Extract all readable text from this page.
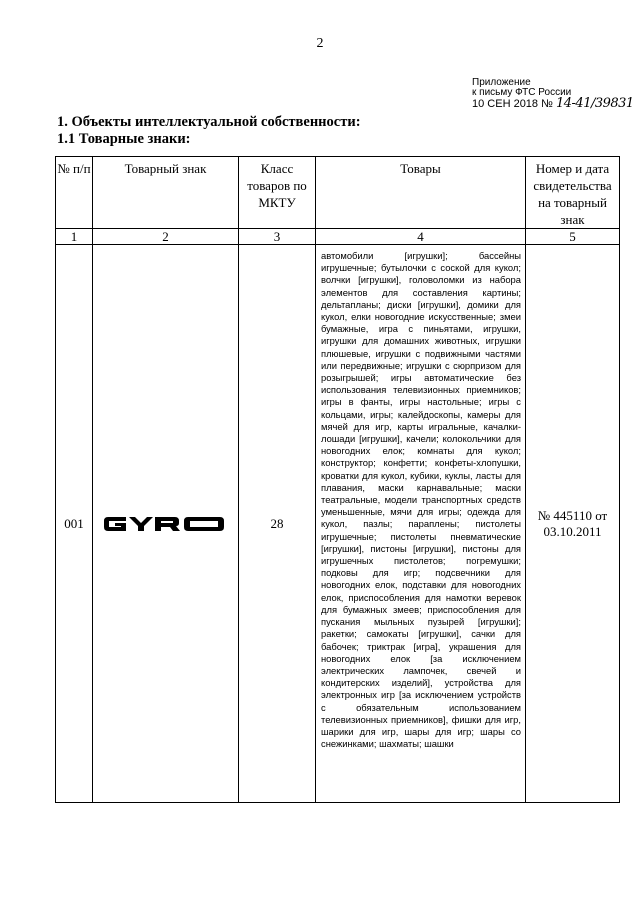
2
Приложение
к письму ФТС России
10 СЕН 2018 № 14-41/39831
1. Объекты интеллектуальной собственности:
1.1 Товарные знаки:
№ п/п	Товарный знак	Класс товаров по МКТУ	Товары	Номер и дата свидетельства на товарный знак
1	2	3	4	5
001		28	автомобили [игрушки]; бассейны игрушечные; бутылочки с соской для кукол; волчки [игрушки], головоломки из набора элементов для составления картины; дельтапланы; диски [игрушки], домики для кукол, елки новогодние искусственные; змеи бумажные, игра с пиньятами, игрушки, игрушки для домашних животных, игрушки плюшевые, игрушки с подвижными частями или передвижные; игрушки с сюрпризом для розыгрышей; игры автоматические без использования телевизионных приемников; игры в фанты, игры настольные; игры с кольцами, игры; калейдоскопы, камеры для мячей для игр, карты игральные, качалки-лошади [игрушки], качели; колокольчики для новогодних елок; комнаты для кукол; конструктор; конфетти; конфеты-хлопушки, кроватки для кукол, кубики, куклы, ласты для плавания, маски карнавальные; маски театральные, модели транспортных средств уменьшенные, мячи для игры; одежда для кукол, пазлы; параплены; пистолеты игрушечные; пистолеты пневматические [игрушки], пистоны [игрушки], пистоны для игрушечных пистолетов; погремушки; подковы для игр; подсвечники для новогодних елок, подставки для новогодних елок, приспособления для намотки веревок для бумажных змеев; приспособления для пускания мыльных пузырей [игрушки]; ракетки; самокаты [игрушки], сачки для бабочек; триктрак [игра], украшения для новогодних елок [за исключением электрических лампочек, свечей и кондитерских изделий], устройства для электронных игр [за исключением устройств с обязательным использованием телевизионных приемников], фишки для игр, шарики для игр, шары для игр; шары со снежинками; шахматы; шашки	№ 445110 от 03.10.2011
